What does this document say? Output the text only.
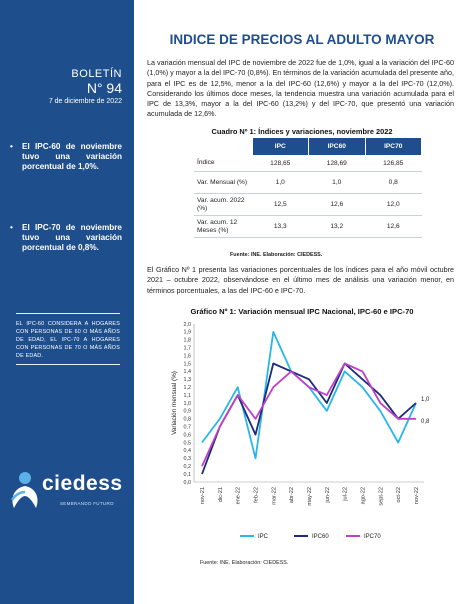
BOLETÍN
N° 94
7 de diciembre de 2022
• El IPC-60 de noviembre tuvo una variación porcentual de 1,0%.
• El IPC-70 de noviembre tuvo una variación porcentual de 0,8%.
EL IPC-60 CONSIDERA A HOGARES CON PERSONAS DE 60 O MÁS AÑOS DE EDAD, EL IPC-70 A HOGARES CON PERSONAS DE 70 O MÁS AÑOS DE EDAD.
ciedess
SEMBRANDO FUTURO
INDICE DE PRECIOS AL ADULTO MAYOR
La variación mensual del IPC de noviembre de 2022 fue de 1,0%, igual a la variación del IPC-60 (1,0%) y mayor a la del IPC-70 (0,8%). En términos de la variación acumulada del presente año, para el IPC es de 12,5%, menor a la del IPC-60 (12,6%) y mayor a la del IPC-70 (12,0%). Considerando los últimos doce meses, la tendencia muestra una variación acumulada para el IPC de 13,3%, mayor a la del IPC-60 (13,2%) y del IPC-70, que presentó una variación acumulada de 12,6%.
Cuadro Nº 1: Índices y variaciones, noviembre 2022
	IPC	IPC60	IPC70
Índice	128,65	128,69	126,85
Var. Mensual (%)	1,0	1,0	0,8
Var. acum. 2022 (%)	12,5	12,6	12,0
Var. acum. 12 Meses (%)	13,3	13,2	12,6
Fuente: INE. Elaboración: CIEDESS.
El Gráfico Nº 1 presenta las variaciones porcentuales de los índices para el año móvil octubre 2021 – octubre 2022, observándose en el último mes de análisis una variación menor, en términos porcentuales, a las del IPC-60 e IPC-70.
Gráfico Nº 1: Variación mensual IPC Nacional, IPC-60 e IPC-70
0,0
0,1
0,2
0,3
0,4
0,5
0,6
0,7
0,8
0,9
1,0
1,1
1,2
1,3
1,4
1,5
1,6
1,7
1,8
1,9
2,0
Variación mensual (%)
nov-21 dic-21 ene-22 feb-22 mar-22 abr-22 may-22 jun-22 jul-22 ago-22 sept-22 oct-22 nov-22
1,0
0,8
IPC	IPC60	IPC70
Fuente: INE. Elaboración: CIEDESS.
